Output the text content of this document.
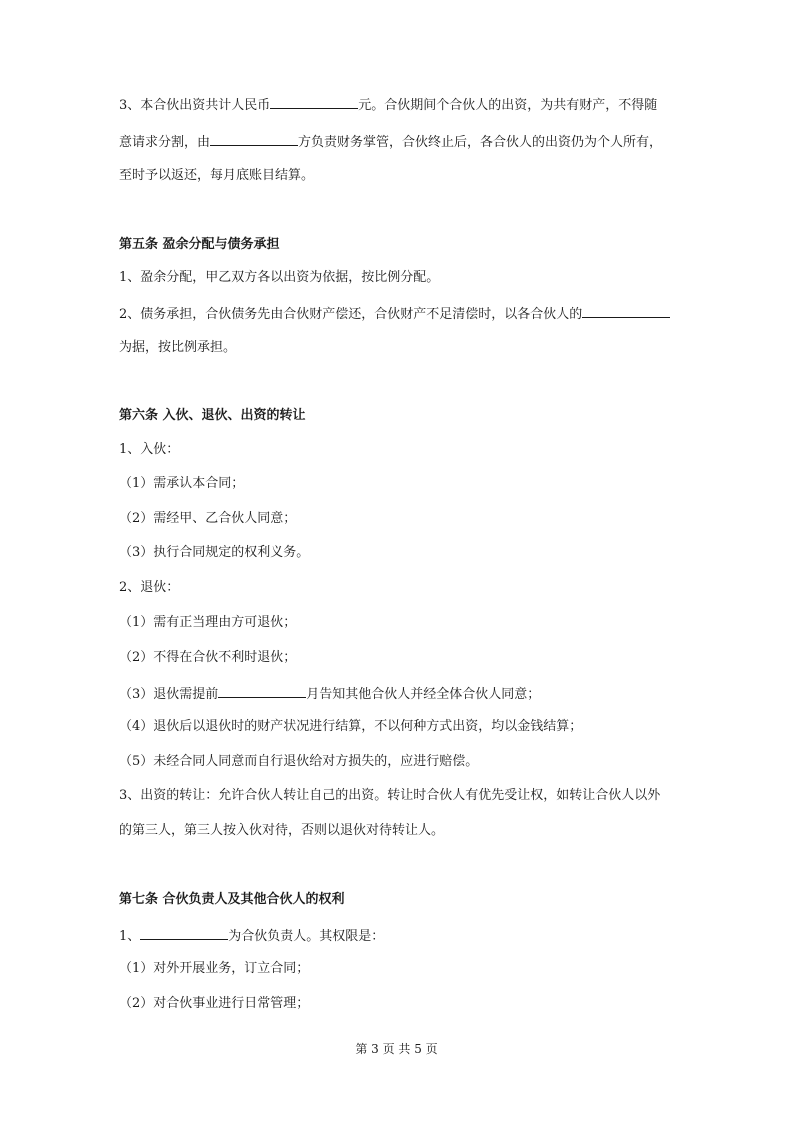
3、本合伙出资共计人民币	元。合伙期间个合伙人的出资，为共有财产，不得随
意请求分割，由	方负责财务掌管，合伙终止后，各合伙人的出资仍为个人所有，
至时予以返还，每月底账目结算。
第五条 盈余分配与债务承担
1、盈余分配，甲乙双方各以出资为依据，按比例分配。
2、债务承担，合伙债务先由合伙财产偿还，合伙财产不足清偿时，以各合伙人的
为据，按比例承担。
第六条 入伙、退伙、出资的转让
1、入伙：
（1）需承认本合同；
（2）需经甲、乙合伙人同意；
（3）执行合同规定的权利义务。
2、退伙：
（1）需有正当理由方可退伙；
（2）不得在合伙不利时退伙；
（3）退伙需提前	月告知其他合伙人并经全体合伙人同意；
（4）退伙后以退伙时的财产状况进行结算，不以何种方式出资，均以金钱结算；
（5）未经合同人同意而自行退伙给对方损失的，应进行赔偿。
3、出资的转让：允许合伙人转让自己的出资。转让时合伙人有优先受让权，如转让合伙人以外
的第三人，第三人按入伙对待，否则以退伙对待转让人。
第七条 合伙负责人及其他合伙人的权利
1、	为合伙负责人。其权限是：
（1）对外开展业务，订立合同；
（2）对合伙事业进行日常管理；
第 3 页 共 5 页
